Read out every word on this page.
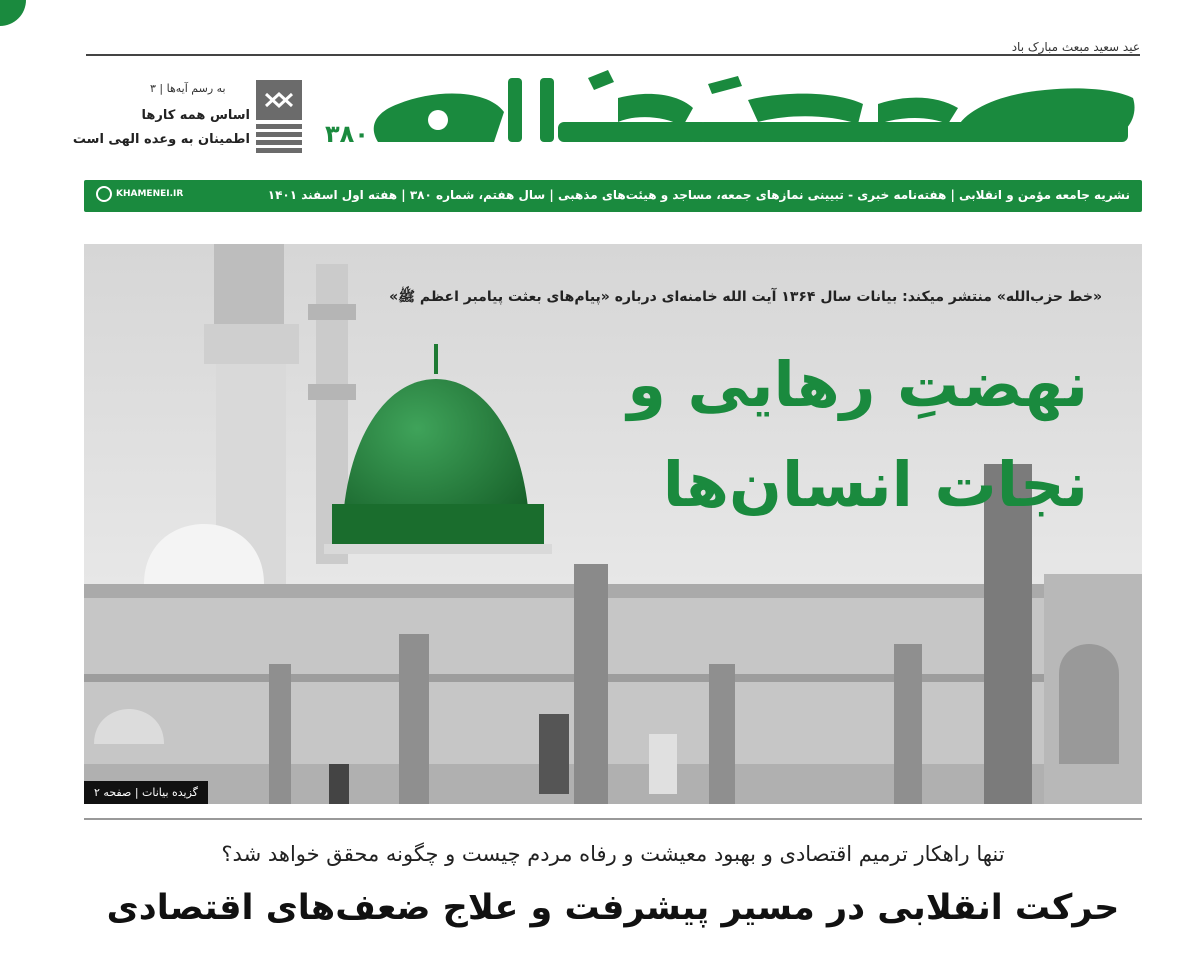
عید سعید مبعث مبارک باد
۳۸۰
به رسم آیه‌ها | ۳
اساس همه کارها
اطمینان به وعده الهی است
نشریه جامعه مؤمن و انقلابی | هفته‌نامه خبری - تبیینی نمازهای جمعه، مساجد و هیئت‌های مذهبی | سال هفتم، شماره ۳۸۰ | هفته اول اسفند ۱۴۰۱
KHAMENEI.IR
«خط حزب‌الله» منتشر میکند: بیانات سال ۱۳۶۴ آیت الله خامنه‌ای درباره «پیام‌های بعثت پیامبر اعظم ﷺ»
نهضتِ رهایی و
نجات انسان‌ها
گزیده بیانات | صفحه ۲
تنها راهکار ترمیم اقتصادی و بهبود معیشت و رفاه مردم چیست و چگونه محقق خواهد شد؟
حرکت انقلابی در مسیر پیشرفت و علاج ضعف‌های اقتصادی
